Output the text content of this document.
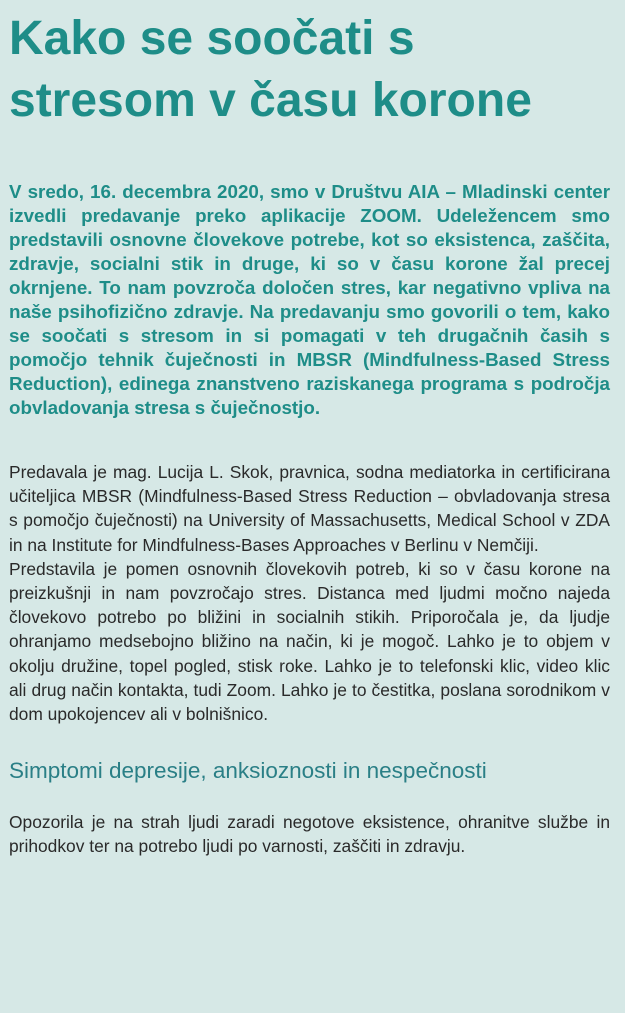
Kako se soočati s stresom v času korone

V sredo, 16. decembra 2020, smo v Društvu AIA – Mladinski center izvedli predavanje preko aplikacije ZOOM. Udeležencem smo predstavili osnovne človekove potrebe, kot so eksistenca, zaščita, zdravje, socialni stik in druge, ki so v času korone žal precej okrnjene. To nam povzroča določen stres, kar negativno vpliva na naše psihofizično zdravje. Na predavanju smo govorili o tem, kako se soočati s stresom in si pomagati v teh drugačnih časih s pomočjo tehnik čuječnosti in MBSR (Mindfulness-Based Stress Reduction), edinega znanstveno raziskanega programa s področja obvladovanja stresa s čuječnostjo.

Predavala je mag. Lucija L. Skok, pravnica, sodna mediatorka in certificirana učiteljica MBSR (Mindfulness-Based Stress Reduction – obvladovanja stresa s pomočjo čuječnosti) na University of Massachusetts, Medical School v ZDA in na Institute for Mindfulness-Bases Approaches v Berlinu v Nemčiji.

Predstavila je pomen osnovnih človekovih potreb, ki so v času korone na preizkušnji in nam povzročajo stres. Distanca med ljudmi močno najeda človekovo potrebo po bližini in socialnih stikih. Priporočala je, da ljudje ohranjamo medsebojno bližino na način, ki je mogoč. Lahko je to objem v okolju družine, topel pogled, stisk roke. Lahko je to telefonski klic, video klic ali drug način kontakta, tudi Zoom. Lahko je to čestitka, poslana sorodnikom v dom upokojencev ali v bolnišnico.

Simptomi depresije, anksioznosti in nespečnosti

Opozorila je na strah ljudi zaradi negotove eksistence, ohranitve službe in prihodkov ter na potrebo ljudi po varnosti, zaščiti in zdravju.
